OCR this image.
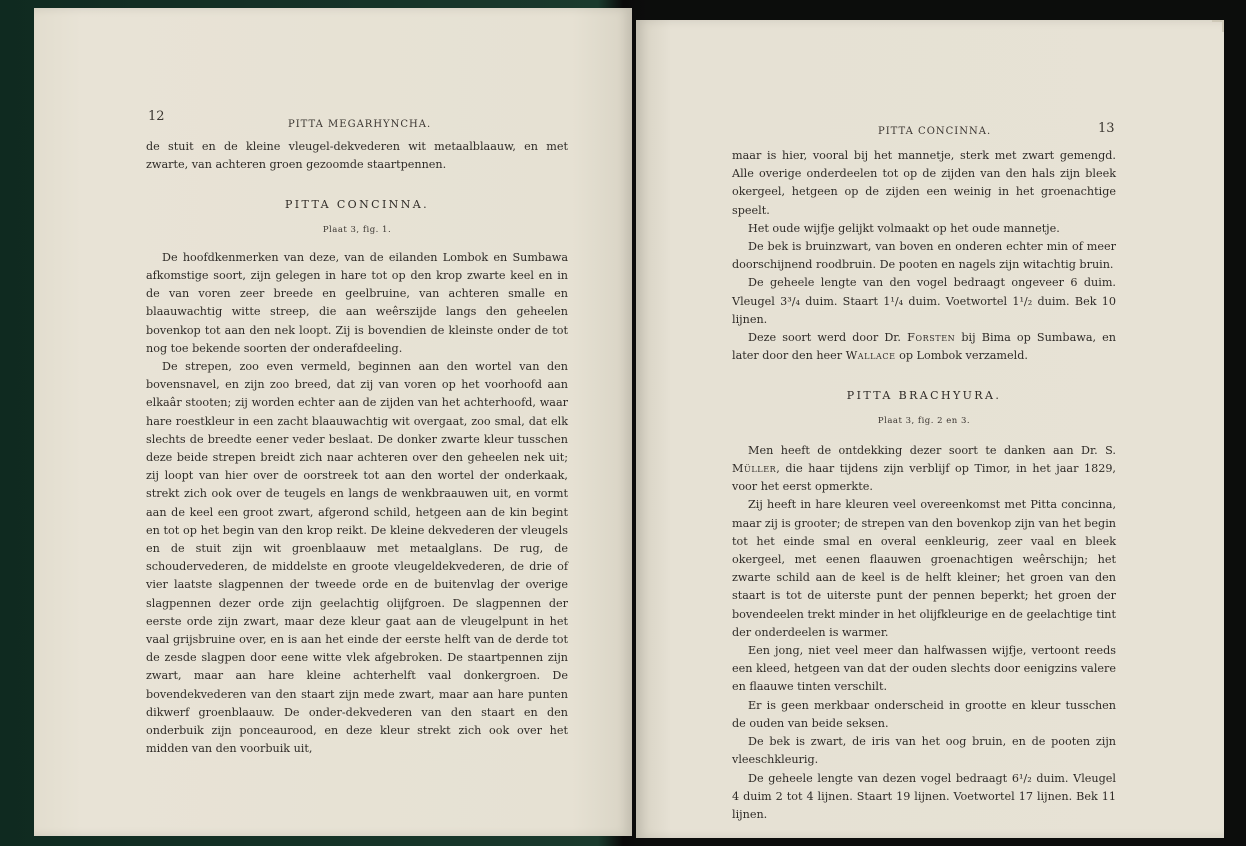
12
PITTA MEGARHYNCHA.

de stuit en de kleine vleugel-dekvederen wit metaalblaauw, en met zwarte, van achteren groen gezoomde staartpennen.

PITTA CONCINNA.

Plaat 3, fig. 1.

De hoofdkenmerken van deze, van de eilanden Lombok en Sumbawa afkomstige soort, zijn gelegen in hare tot op den krop zwarte keel en in de van voren zeer breede en geelbruine, van achteren smalle en blaauwachtig witte streep, die aan weêrszijde langs den geheelen bovenkop tot aan den nek loopt. Zij is bovendien de kleinste onder de tot nog toe bekende soorten der onderafdeeling.

De strepen, zoo even vermeld, beginnen aan den wortel van den bovensnavel, en zijn zoo breed, dat zij van voren op het voorhoofd aan elkaâr stooten; zij worden echter aan de zijden van het achterhoofd, waar hare roestkleur in een zacht blaauwachtig wit overgaat, zoo smal, dat elk slechts de breedte eener veder beslaat. De donker zwarte kleur tusschen deze beide strepen breidt zich naar achteren over den geheelen nek uit; zij loopt van hier over de oorstreek tot aan den wortel der onderkaak, strekt zich ook over de teugels en langs de wenkbraauwen uit, en vormt aan de keel een groot zwart, afgerond schild, hetgeen aan de kin begint en tot op het begin van den krop reikt. De kleine dekvederen der vleugels en de stuit zijn wit groenblaauw met metaalglans. De rug, de schoudervederen, de middelste en groote vleugeldekvederen, de drie of vier laatste slagpennen der tweede orde en de buitenvlag der overige slagpennen dezer orde zijn geelachtig olijfgroen. De slagpennen der eerste orde zijn zwart, maar deze kleur gaat aan de vleugelpunt in het vaal grijsbruine over, en is aan het einde der eerste helft van de derde tot de zesde slagpen door eene witte vlek afgebroken. De staartpennen zijn zwart, maar aan hare kleine achterhelft vaal donkergroen. De bovendekvederen van den staart zijn mede zwart, maar aan hare punten dikwerf groenblaauw. De onder-dekvederen van den staart en den onderbuik zijn ponceaurood, en deze kleur strekt zich ook over het midden van den voorbuik uit,

PITTA CONCINNA.	13

maar is hier, vooral bij het mannetje, sterk met zwart gemengd. Alle overige onderdeelen tot op de zijden van den hals zijn bleek okergeel, hetgeen op de zijden een weinig in het groenachtige speelt.

Het oude wijfje gelijkt volmaakt op het oude mannetje.

De bek is bruinzwart, van boven en onderen echter min of meer doorschijnend roodbruin. De pooten en nagels zijn witachtig bruin.

De geheele lengte van den vogel bedraagt ongeveer 6 duim. Vleugel 3³/₄ duim. Staart 1¹/₄ duim. Voetwortel 1¹/₂ duim. Bek 10 lijnen.

Deze soort werd door Dr. Forsten bij Bima op Sumbawa, en later door den heer Wallace op Lombok verzameld.

PITTA BRACHYURA.

Plaat 3, fig. 2 en 3.

Men heeft de ontdekking dezer soort te danken aan Dr. S. Müller, die haar tijdens zijn verblijf op Timor, in het jaar 1829, voor het eerst opmerkte.

Zij heeft in hare kleuren veel overeenkomst met Pitta concinna, maar zij is grooter; de strepen van den bovenkop zijn van het begin tot het einde smal en overal eenkleurig, zeer vaal en bleek okergeel, met eenen flaauwen groenachtigen weêrschijn; het zwarte schild aan de keel is de helft kleiner; het groen van den staart is tot de uiterste punt der pennen beperkt; het groen der bovendeelen trekt minder in het olijfkleurige en de geelachtige tint der onderdeelen is warmer.

Een jong, niet veel meer dan halfwassen wijfje, vertoont reeds een kleed, hetgeen van dat der ouden slechts door eenigzins valere en flaauwe tinten verschilt.

Er is geen merkbaar onderscheid in grootte en kleur tusschen de ouden van beide seksen.

De bek is zwart, de iris van het oog bruin, en de pooten zijn vleeschkleurig.

De geheele lengte van dezen vogel bedraagt 6¹/₂ duim. Vleugel 4 duim 2 tot 4 lijnen. Staart 19 lijnen. Voetwortel 17 lijnen. Bek 11 lijnen.
